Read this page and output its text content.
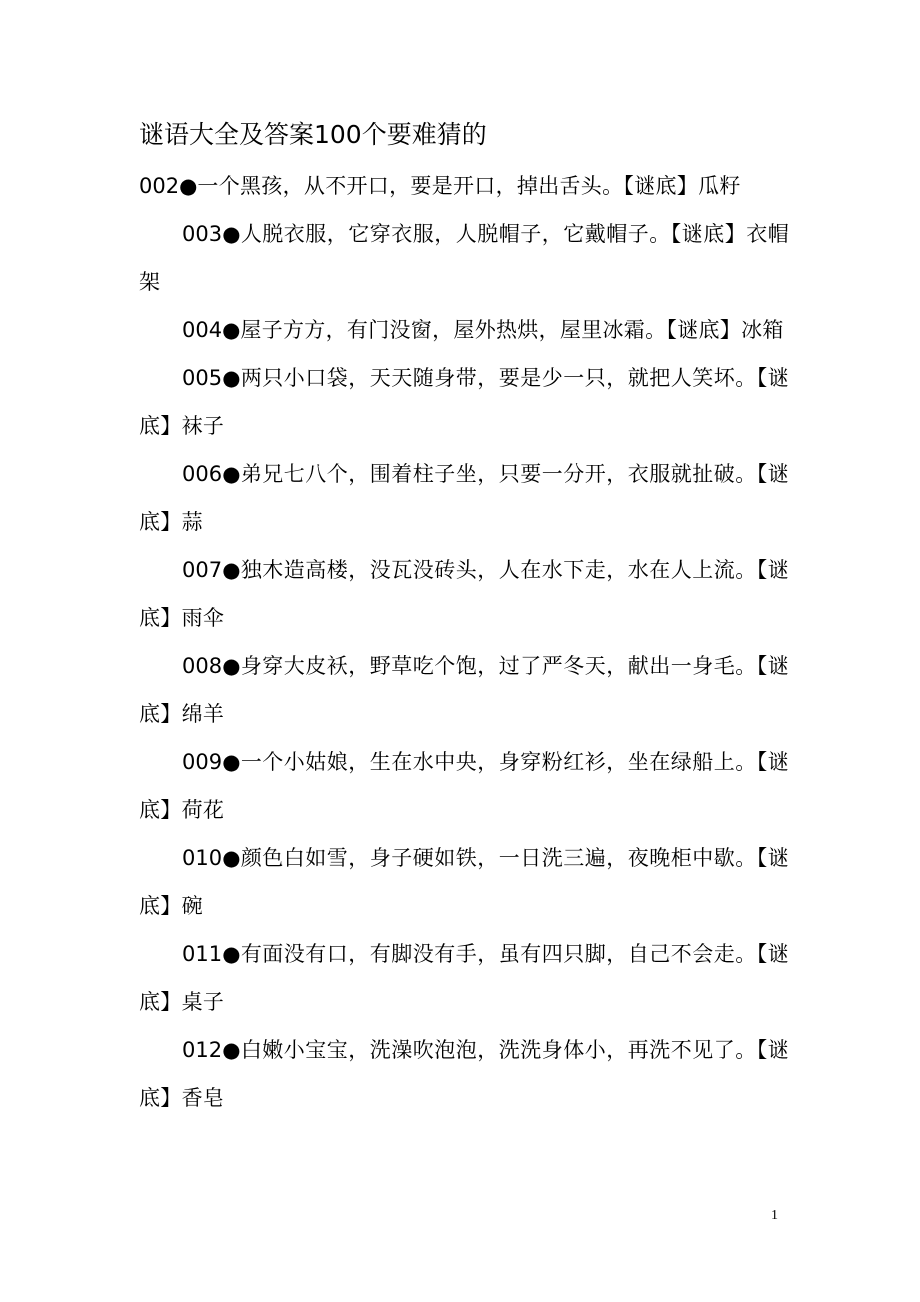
谜语大全及答案100个要难猜的

002●一个黑孩，从不开口，要是开口，掉出舌头。【谜底】瓜籽

003●人脱衣服，它穿衣服，人脱帽子，它戴帽子。【谜底】衣帽架

004●屋子方方，有门没窗，屋外热烘，屋里冰霜。【谜底】冰箱

005●两只小口袋，天天随身带，要是少一只，就把人笑坏。【谜底】袜子

006●弟兄七八个，围着柱子坐，只要一分开，衣服就扯破。【谜底】蒜

007●独木造高楼，没瓦没砖头，人在水下走，水在人上流。【谜底】雨伞

008●身穿大皮袄，野草吃个饱，过了严冬天，献出一身毛。【谜底】绵羊

009●一个小姑娘，生在水中央，身穿粉红衫，坐在绿船上。【谜底】荷花

010●颜色白如雪，身子硬如铁，一日洗三遍，夜晚柜中歇。【谜底】碗

011●有面没有口，有脚没有手，虽有四只脚，自己不会走。【谜底】桌子

012●白嫩小宝宝，洗澡吹泡泡，洗洗身体小，再洗不见了。【谜底】香皂

1
